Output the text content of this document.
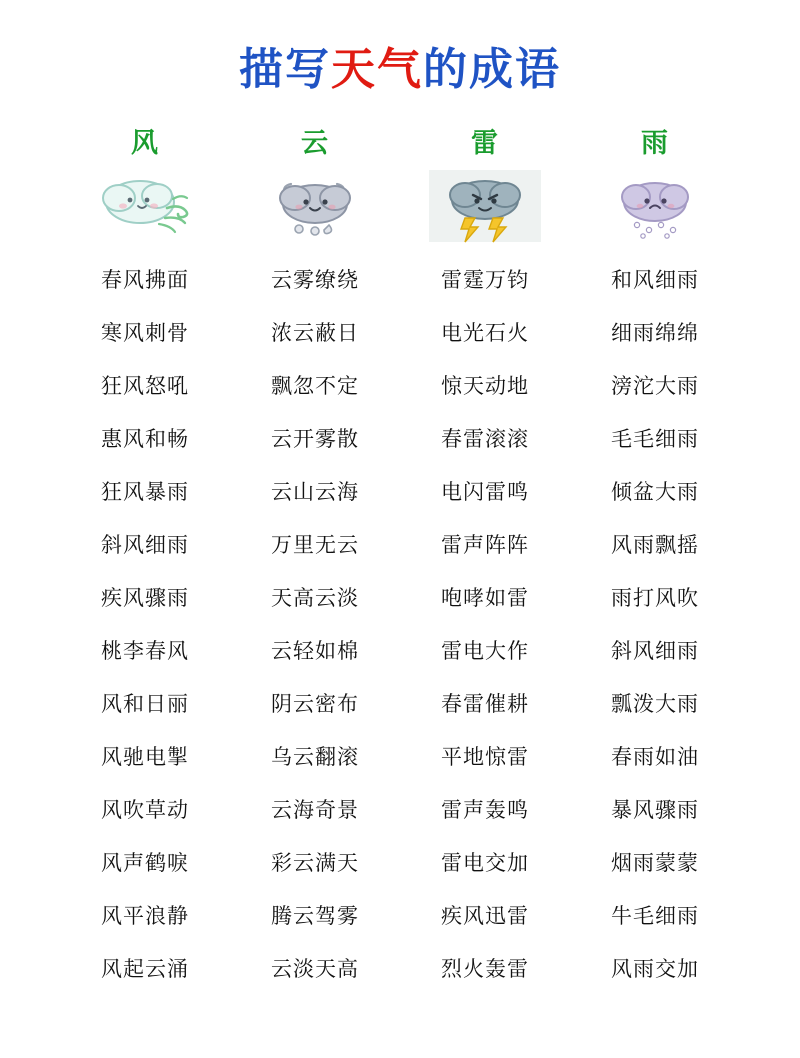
描写天气的成语
风
春风拂面
寒风刺骨
狂风怒吼
惠风和畅
狂风暴雨
斜风细雨
疾风骤雨
桃李春风
风和日丽
风驰电掣
风吹草动
风声鹤唳
风平浪静
风起云涌
云
云雾缭绕
浓云蔽日
飘忽不定
云开雾散
云山云海
万里无云
天高云淡
云轻如棉
阴云密布
乌云翻滚
云海奇景
彩云满天
腾云驾雾
云淡天高
雷
雷霆万钧
电光石火
惊天动地
春雷滚滚
电闪雷鸣
雷声阵阵
咆哮如雷
雷电大作
春雷催耕
平地惊雷
雷声轰鸣
雷电交加
疾风迅雷
烈火轰雷
雨
和风细雨
细雨绵绵
滂沱大雨
毛毛细雨
倾盆大雨
风雨飘摇
雨打风吹
斜风细雨
瓢泼大雨
春雨如油
暴风骤雨
烟雨蒙蒙
牛毛细雨
风雨交加
